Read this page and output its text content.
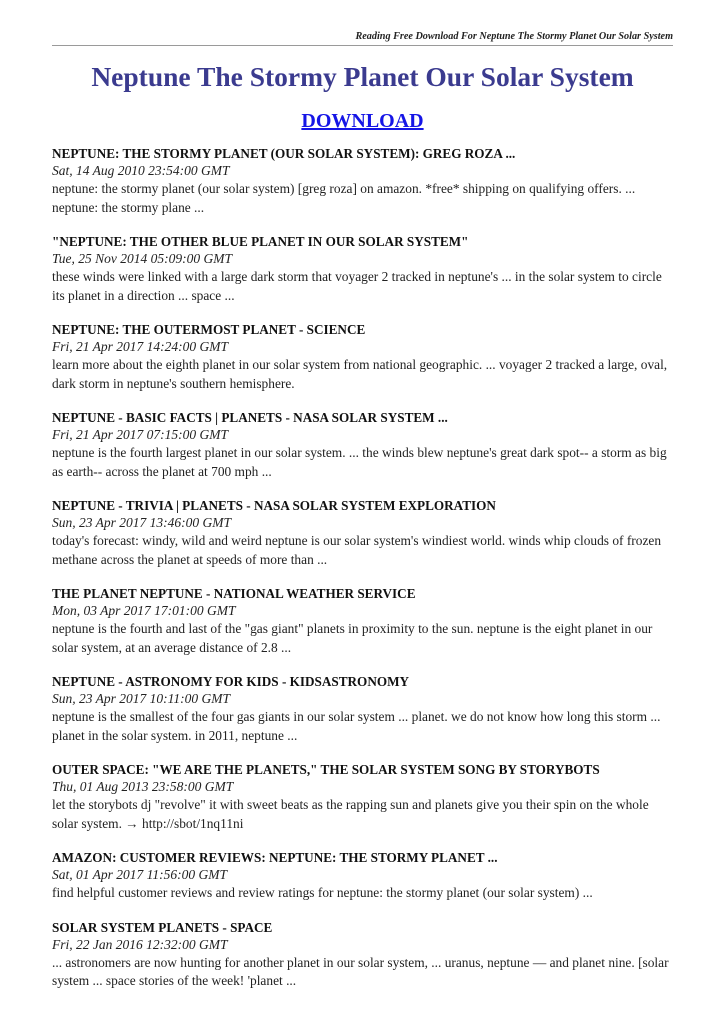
Reading Free Download For Neptune The Stormy Planet Our Solar System
Neptune The Stormy Planet Our Solar System
DOWNLOAD
NEPTUNE: THE STORMY PLANET (OUR SOLAR SYSTEM): GREG ROZA ...
Sat, 14 Aug 2010 23:54:00 GMT
neptune: the stormy planet (our solar system) [greg roza] on amazon. *free* shipping on qualifying offers. ... neptune: the stormy plane ...
"NEPTUNE: THE OTHER BLUE PLANET IN OUR SOLAR SYSTEM"
Tue, 25 Nov 2014 05:09:00 GMT
these winds were linked with a large dark storm that voyager 2 tracked in neptune's ... in the solar system to circle its planet in a direction ... space ...
NEPTUNE: THE OUTERMOST PLANET - SCIENCE
Fri, 21 Apr 2017 14:24:00 GMT
learn more about the eighth planet in our solar system from national geographic. ... voyager 2 tracked a large, oval, dark storm in neptune's southern hemisphere.
NEPTUNE - BASIC FACTS | PLANETS - NASA SOLAR SYSTEM ...
Fri, 21 Apr 2017 07:15:00 GMT
neptune is the fourth largest planet in our solar system. ... the winds blew neptune's great dark spot-- a storm as big as earth-- across the planet at 700 mph ...
NEPTUNE - TRIVIA | PLANETS - NASA SOLAR SYSTEM EXPLORATION
Sun, 23 Apr 2017 13:46:00 GMT
today's forecast: windy, wild and weird neptune is our solar system's windiest world. winds whip clouds of frozen methane across the planet at speeds of more than ...
THE PLANET NEPTUNE - NATIONAL WEATHER SERVICE
Mon, 03 Apr 2017 17:01:00 GMT
neptune is the fourth and last of the "gas giant" planets in proximity to the sun. neptune is the eight planet in our solar system, at an average distance of 2.8 ...
NEPTUNE - ASTRONOMY FOR KIDS - KIDSASTRONOMY
Sun, 23 Apr 2017 10:11:00 GMT
neptune is the smallest of the four gas giants in our solar system ... planet. we do not know how long this storm ... planet in the solar system. in 2011, neptune ...
OUTER SPACE: "WE ARE THE PLANETS," THE SOLAR SYSTEM SONG BY STORYBOTS
Thu, 01 Aug 2013 23:58:00 GMT
let the storybots dj "revolve" it with sweet beats as the rapping sun and planets give you their spin on the whole solar system. → http://sbot/1nq11ni
AMAZON: CUSTOMER REVIEWS: NEPTUNE: THE STORMY PLANET ...
Sat, 01 Apr 2017 11:56:00 GMT
find helpful customer reviews and review ratings for neptune: the stormy planet (our solar system) ...
SOLAR SYSTEM PLANETS - SPACE
Fri, 22 Jan 2016 12:32:00 GMT
... astronomers are now hunting for another planet in our solar system, ... uranus, neptune — and planet nine. [solar system ... space stories of the week! 'planet ...
